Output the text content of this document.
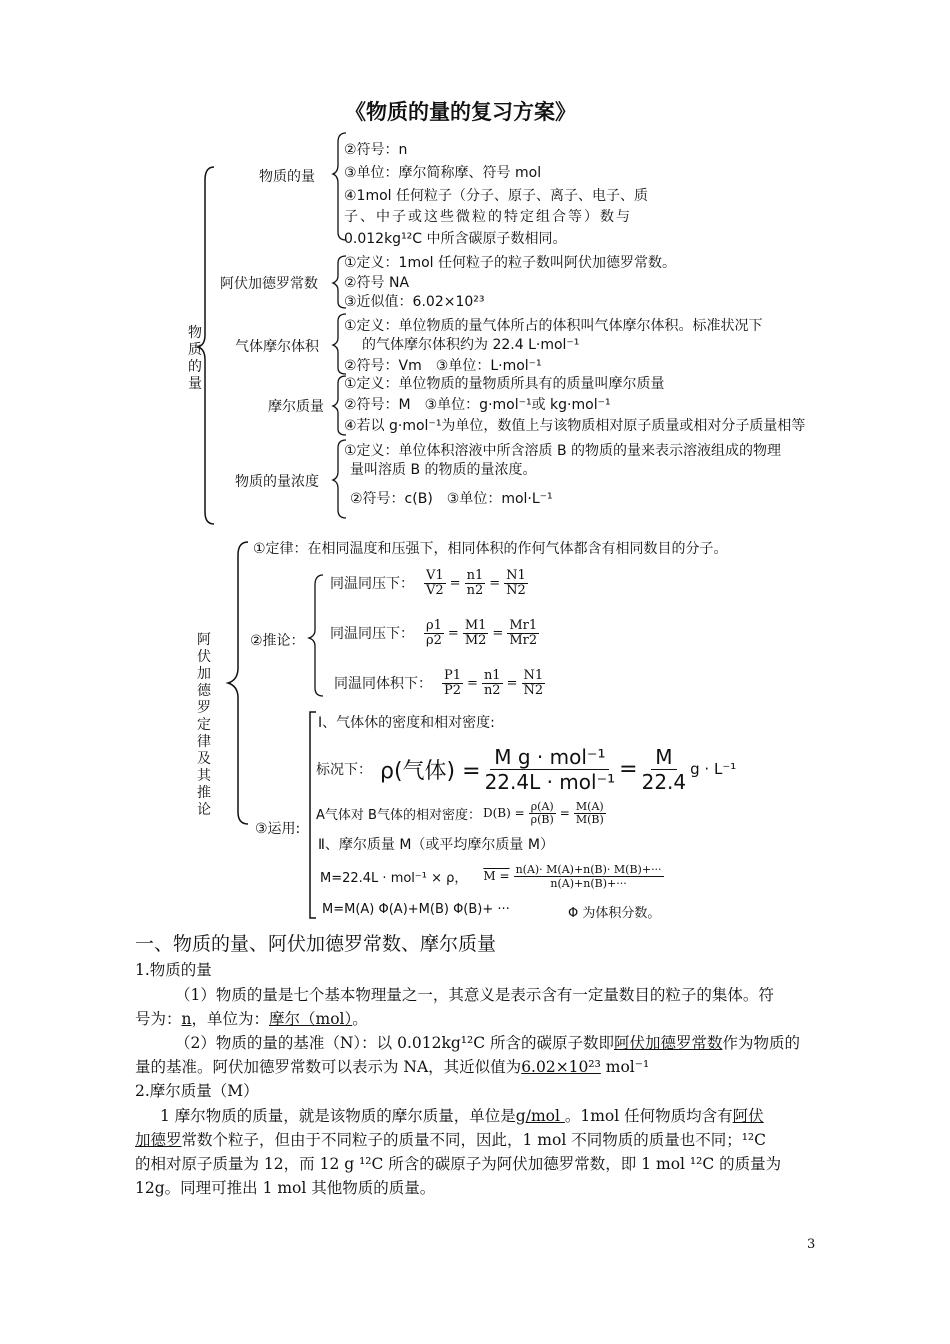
《物质的量的复习方案》
物质的量
物质的量
②符号：n
③单位：摩尔简称摩、符号 mol
④1mol 任何粒子（分子、原子、离子、电子、质
子、中子或这些微粒的特定组合等）数与
0.012kg¹²C 中所含碳原子数相同。
阿伏加德罗常数
①定义：1mol 任何粒子的粒子数叫阿伏加德罗常数。
②符号 NA
③近似值：6.02×10²³
气体摩尔体积
①定义：单位物质的量气体所占的体积叫气体摩尔体积。标准状况下
的气体摩尔体积约为 22.4 L·mol⁻¹
②符号：Vm　③单位：L·mol⁻¹
摩尔质量
①定义：单位物质的量物质所具有的质量叫摩尔质量
②符号：M　③单位：g·mol⁻¹或 kg·mol⁻¹
④若以 g·mol⁻¹为单位，数值上与该物质相对原子质量或相对分子质量相等
物质的量浓度
①定义：单位体积溶液中所含溶质 B 的物质的量来表示溶液组成的物理
量叫溶质 B 的物质的量浓度。
②符号：c(B)　③单位：mol·L⁻¹
阿伏加德罗定律及其推论
①定律：在相同温度和压强下，相同体积的作何气体都含有相同数目的分子。
②推论：
同温同压下： $\frac{V1}{V2} = \frac{n1}{n2} = \frac{N1}{N2}$
同温同压下： $\frac{\rho 1}{\rho 2} = \frac{M1}{M2} = \frac{Mr1}{Mr2}$
同温同体积下： $\frac{P1}{P2} = \frac{n1}{n2} = \frac{N1}{N2}$
③运用:
Ⅰ、气体休的密度和相对密度:
标况下： ρ(气体) =
M g · mol⁻¹
$22.4L \cdot mol^{-1} = \frac{M}{22.4}$ g · L⁻¹
A气体对 B气体的相对密度： $D(B) = \frac{\rho(A)}{\rho(B)} = \frac{M(A)}{M(B)}$
Ⅱ、摩尔质量 M（或平均摩尔质量 M）
M=22.4L · mol⁻¹ × ρ， $M = \frac{n(A)\cdot M(A)+n(B)\cdot M(B)+\cdot\cdot\cdot}{n(A)+n(B)+\cdot\cdot\cdot}$
M=M(A) Φ(A)+M(B) Φ(B)+ ···	Φ 为体积分数。
一、物质的量、阿伏加德罗常数、摩尔质量
1.物质的量
（1）物质的量是七个基本物理量之一，其意义是表示含有一定量数目的粒子的集体。符
号为：n，单位为：摩尔（mol）。
（2）物质的量的基准（N）：以 0.012kg¹²C 所含的碳原子数即阿伏加德罗常数作为物质的
量的基准。阿伏加德罗常数可以表示为 NA，其近似值为6.02×10²³ mol⁻¹
2.摩尔质量（M）
1 摩尔物质的质量，就是该物质的摩尔质量，单位是g/mol 。1mol 任何物质均含有阿伏
加德罗常数个粒子，但由于不同粒子的质量不同，因此，1 mol 不同物质的质量也不同；¹²C
的相对原子质量为 12，而 12 g ¹²C 所含的碳原子为阿伏加德罗常数，即 1 mol ¹²C 的质量为
12g。同理可推出 1 mol 其他物质的质量。
3
